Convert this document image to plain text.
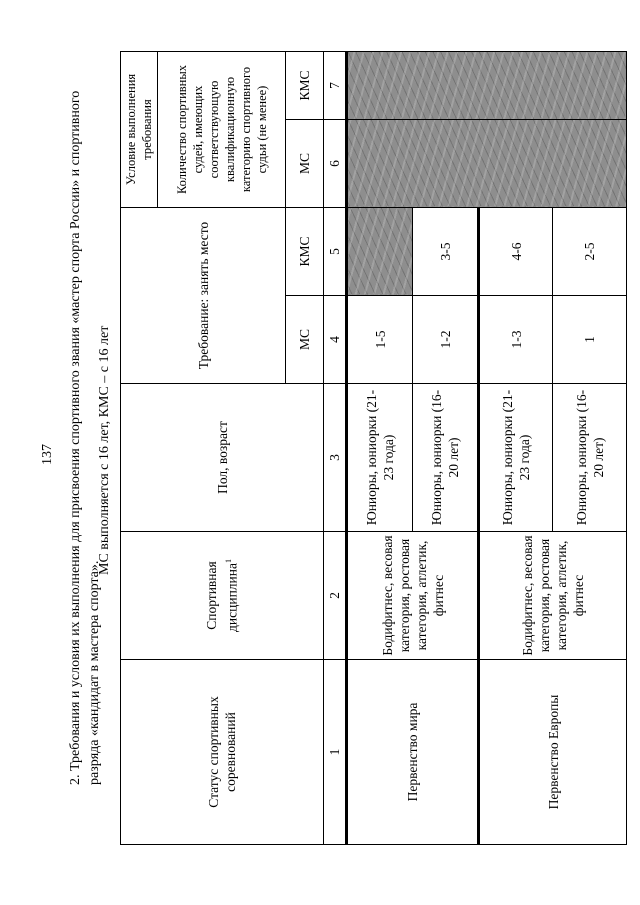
137 2. Требования и условия их выполнения для присвоения спортивного звания «мастер спорта России» и спортивного разряда «кандидат в мастера спорта».
МС выполняется с 16 лет, КМС – с 16 лет
Статус спортивных соревнований	Спортивная дисциплина$^1$	Пол, возраст	Требование: занять место		Условие выполнения требования	
					Количество спортивных судей, имеющих соответствующую квалификационную категорию спортивного судьи (не менее)	
			МС	КМС	МС	КМС
1	2	3	4	5	6	7
Первенство мира	Бодифитнес, весовая категория, ростовая категория, атлетик, фитнес	Юниоры, юниорки (21-23 года)	1-5			
		Юниоры, юниорки (16-20 лет)	1-2	3-5		
Первенство Европы	Бодифитнес, весовая категория, ростовая категория, атлетик, фитнес	Юниоры, юниорки (21-23 года)	1-3	4-6		
		Юниоры, юниорки (16-20 лет)	1	2-5		
